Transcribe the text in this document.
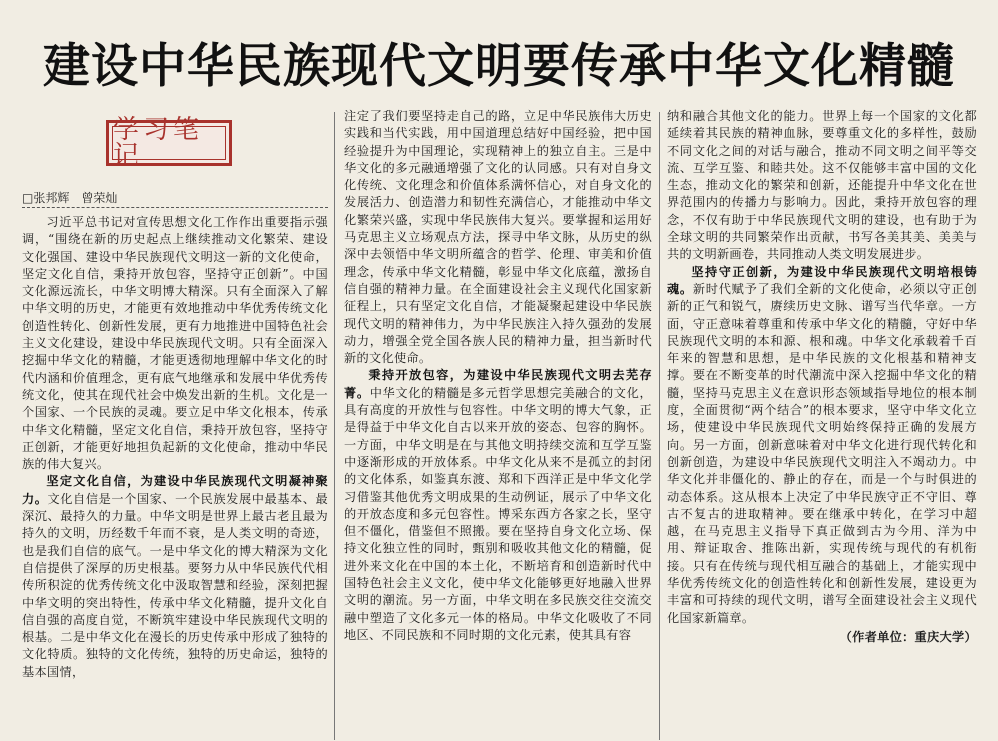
建设中华民族现代文明要传承中华文化精髓
学习笔记
□张邦辉　曾荣灿

习近平总书记对宣传思想文化工作作出重要指示强调，“围绕在新的历史起点上继续推动文化繁荣、建设文化强国、建设中华民族现代文明这一新的文化使命，坚定文化自信，秉持开放包容，坚持守正创新”。中国文化源远流长，中华文明博大精深。只有全面深入了解中华文明的历史，才能更有效地推动中华优秀传统文化创造性转化、创新性发展，更有力地推进中国特色社会主义文化建设，建设中华民族现代文明。只有全面深入挖掘中华文化的精髓，才能更透彻地理解中华文化的时代内涵和价值理念，更有底气地继承和发展中华优秀传统文化，使其在现代社会中焕发出新的生机。文化是一个国家、一个民族的灵魂。要立足中华文化根本，传承中华文化精髓，坚定文化自信，秉持开放包容，坚持守正创新，才能更好地担负起新的文化使命，推动中华民族的伟大复兴。

坚定文化自信，为建设中华民族现代文明凝神聚力。文化自信是一个国家、一个民族发展中最基本、最深沉、最持久的力量。中华文明是世界上最古老且最为持久的文明，历经数千年而不衰，是人类文明的奇迹，也是我们自信的底气。一是中华文化的博大精深为文化自信提供了深厚的历史根基。要努力从中华民族代代相传所积淀的优秀传统文化中汲取智慧和经验，深刻把握中华文明的突出特性，传承中华文化精髓，提升文化自信自强的高度自觉，不断筑牢建设中华民族现代文明的根基。二是中华文化在漫长的历史传承中形成了独特的文化特质。独特的文化传统，独特的历史命运，独特的基本国情，

注定了我们要坚持走自己的路，立足中华民族伟大历史实践和当代实践，用中国道理总结好中国经验，把中国经验提升为中国理论，实现精神上的独立自主。三是中华文化的多元融通增强了文化的认同感。只有对自身文化传统、文化理念和价值体系满怀信心，对自身文化的发展活力、创造潜力和韧性充满信心，才能推动中华文化繁荣兴盛，实现中华民族伟大复兴。要掌握和运用好马克思主义立场观点方法，探寻中华文脉，从历史的纵深中去领悟中华文明所蕴含的哲学、伦理、审美和价值理念，传承中华文化精髓，彰显中华文化底蕴，激扬自信自强的精神力量。在全面建设社会主义现代化国家新征程上，只有坚定文化自信，才能凝聚起建设中华民族现代文明的精神伟力，为中华民族注入持久强劲的发展动力，增强全党全国各族人民的精神力量，担当新时代新的文化使命。

秉持开放包容，为建设中华民族现代文明去芜存菁。中华文化的精髓是多元哲学思想完美融合的文化，具有高度的开放性与包容性。中华文明的博大气象，正是得益于中华文化自古以来开放的姿态、包容的胸怀。一方面，中华文明是在与其他文明持续交流和互学互鉴中逐渐形成的开放体系。中华文化从来不是孤立的封闭的文化体系，如鉴真东渡、郑和下西洋正是中华文化学习借鉴其他优秀文明成果的生动例证，展示了中华文化的开放态度和多元包容性。博采东西方各家之长，坚守但不僵化，借鉴但不照搬。要在坚持自身文化立场、保持文化独立性的同时，甄别和吸收其他文化的精髓，促进外来文化在中国的本土化，不断培育和创造新时代中国特色社会主义文化，使中华文化能够更好地融入世界文明的潮流。另一方面，中华文明在多民族交往交流交融中塑造了文化多元一体的格局。中华文化吸收了不同地区、不同民族和不同时期的文化元素，使其具有容

纳和融合其他文化的能力。世界上每一个国家的文化都延续着其民族的精神血脉，要尊重文化的多样性，鼓励不同文化之间的对话与融合，推动不同文明之间平等交流、互学互鉴、和睦共处。这不仅能够丰富中国的文化生态，推动文化的繁荣和创新，还能提升中华文化在世界范围内的传播力与影响力。因此，秉持开放包容的理念，不仅有助于中华民族现代文明的建设，也有助于为全球文明的共同繁荣作出贡献，书写各美其美、美美与共的文明新画卷，共同推动人类文明发展进步。

坚持守正创新，为建设中华民族现代文明培根铸魂。新时代赋予了我们全新的文化使命，必须以守正创新的正气和锐气，赓续历史文脉、谱写当代华章。一方面，守正意味着尊重和传承中华文化的精髓，守好中华民族现代文明的本和源、根和魂。中华文化承载着千百年来的智慧和思想，是中华民族的文化根基和精神支撑。要在不断变革的时代潮流中深入挖掘中华文化的精髓，坚持马克思主义在意识形态领域指导地位的根本制度，全面贯彻“两个结合”的根本要求，坚守中华文化立场，使建设中华民族现代文明始终保持正确的发展方向。另一方面，创新意味着对中华文化进行现代转化和创新创造，为建设中华民族现代文明注入不竭动力。中华文化并非僵化的、静止的存在，而是一个与时俱进的动态体系。这从根本上决定了中华民族守正不守旧、尊古不复古的进取精神。要在继承中转化，在学习中超越，在马克思主义指导下真正做到古为今用、洋为中用、辩证取舍、推陈出新，实现传统与现代的有机衔接。只有在传统与现代相互融合的基础上，才能实现中华优秀传统文化的创造性转化和创新性发展，建设更为丰富和可持续的现代文明，谱写全面建设社会主义现代化国家新篇章。

（作者单位：重庆大学）
